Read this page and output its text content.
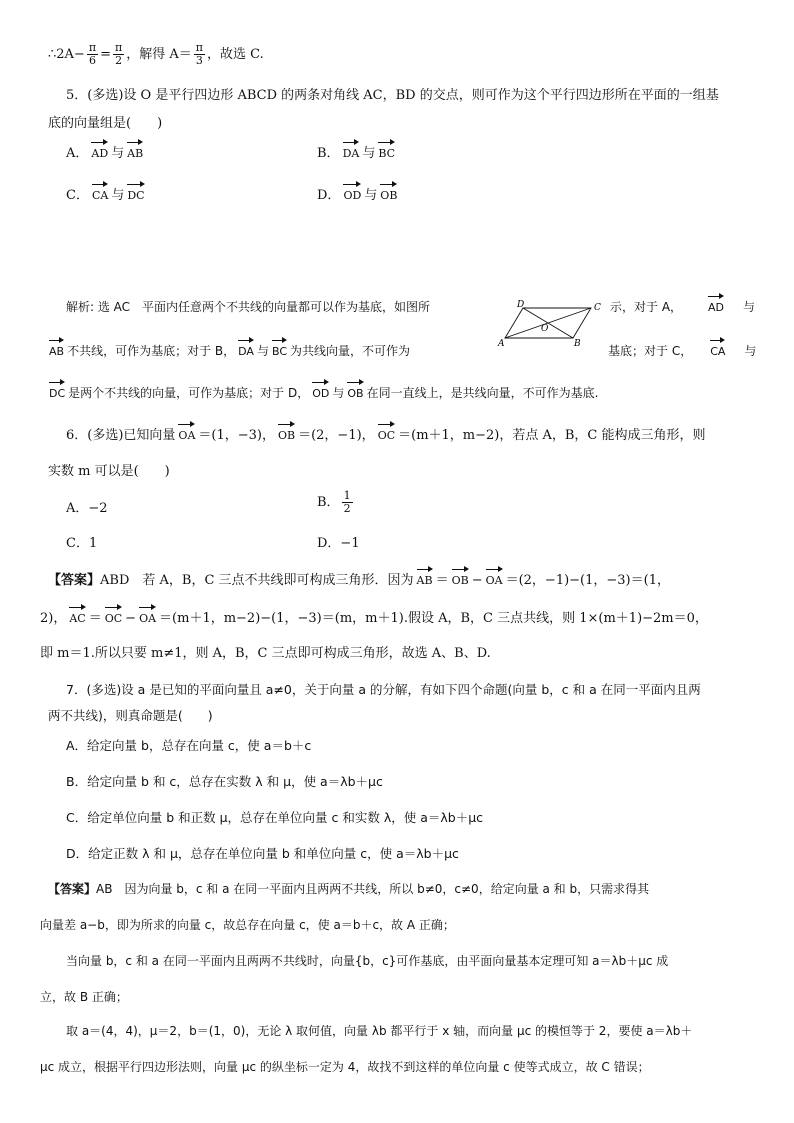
∴2A− $\frac{\pi}{6} = \frac{\pi}{2}$ ，解得 $A= \frac{\pi}{3}$ ，故选 C.
5．(多选)设 O 是平行四边形 ABCD 的两条对角线 AC，BD 的交点，则可作为这个平行四边形所在平面的一组基
底的向量组是(　　)
A． AD 与 AB	B． DA 与 BC
C． CA 与 DC	D． OD 与 OB
解析: 选 AC　平面内任意两个不共线的向量都可以作为基底，如图所	示，对于 A， AD 与
AB 不共线，可作为基底；对于 B， DA 与 BC 为共线向量，不可作为	基底；对于 C， CA 与
DC 是两个不共线的向量，可作为基底；对于 D， OD 与 OB 在同一直线上，是共线向量，不可作为基底.
D	C
O
A	B
6．(多选)已知向量 OA ＝(1，−3)， OB ＝(2，−1)， OC ＝(m＋1，m−2)，若点 A，B，C 能构成三角形，则
实数 m 可以是(　　)
A．−2	B． $\frac{1}{2}$
C．1	D．−1
【答案】ABD　若 A，B，C 三点不共线即可构成三角形．因为 AB ＝ OB − OA ＝(2，−1)−(1，−3)＝(1，
2)， AC ＝ OC − OA ＝(m＋1，m−2)−(1，−3)＝(m，m＋1).假设 A，B，C 三点共线，则 1×(m＋1)−2m＝0，
即 m＝1.所以只要 m≠1，则 A，B，C 三点即可构成三角形，故选 A、B、D.
7．(多选)设 a 是已知的平面向量且 a≠0，关于向量 a 的分解，有如下四个命题(向量 b，c 和 a 在同一平面内且两
两不共线)，则真命题是(　　)
A．给定向量 b，总存在向量 c，使 a＝b＋c
B．给定向量 b 和 c，总存在实数 λ 和 μ，使 a＝λb＋μc
C．给定单位向量 b 和正数 μ，总存在单位向量 c 和实数 λ，使 a＝λb＋μc
D．给定正数 λ 和 μ，总存在单位向量 b 和单位向量 c，使 a＝λb＋μc
【答案】AB　因为向量 b，c 和 a 在同一平面内且两两不共线，所以 b≠0，c≠0，给定向量 a 和 b，只需求得其
向量差 a−b，即为所求的向量 c，故总存在向量 c，使 a＝b＋c，故 A 正确；
当向量 b，c 和 a 在同一平面内且两两不共线时，向量{b，c}可作基底，由平面向量基本定理可知 a＝λb＋μc 成
立，故 B 正确；
取 a＝(4，4)，μ＝2，b＝(1，0)，无论 λ 取何值，向量 λb 都平行于 x 轴，而向量 μc 的模恒等于 2，要使 a＝λb＋
μc 成立，根据平行四边形法则，向量 μc 的纵坐标一定为 4，故找不到这样的单位向量 c 使等式成立，故 C 错误；
